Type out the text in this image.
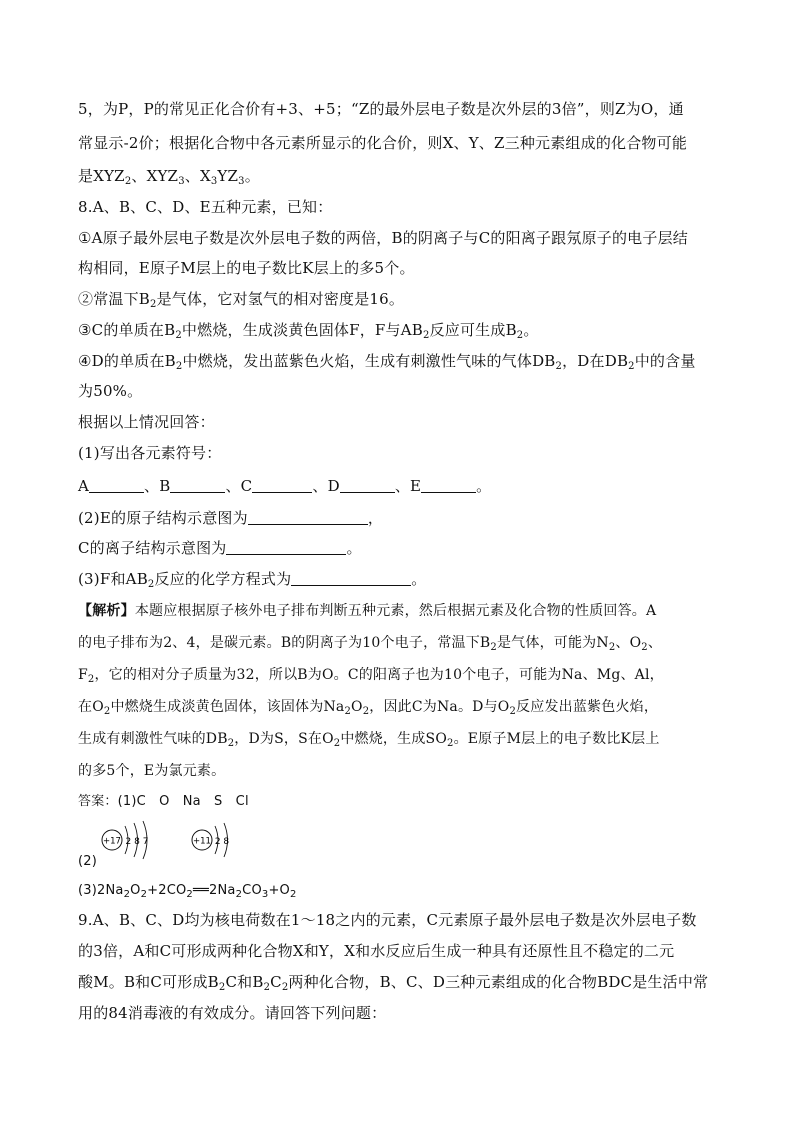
5，为P，P的常见正化合价有+3、+5；“Z的最外层电子数是次外层的3倍”，则Z为O，通
常显示-2价；根据化合物中各元素所显示的化合价，则X、Y、Z三种元素组成的化合物可能
是$XYZ_2$、$XYZ_3$、$X_3YZ_3$。
8.A、B、C、D、E五种元素，已知：
①A原子最外层电子数是次外层电子数的两倍，B的阴离子与C的阳离子跟氖原子的电子层结
构相同，E原子M层上的电子数比K层上的多5个。
②常温下$B_2$是气体，它对氢气的相对密度是16。
③C的单质在$B_2$中燃烧，生成淡黄色固体F，F与$AB_2$反应可生成$B_2$。
④D的单质在$B_2$中燃烧，发出蓝紫色火焰，生成有刺激性气味的气体$DB_2$，D在$DB_2$中的含量
为50%。
根据以上情况回答：
(1)写出各元素符号：
A	、B	、C	、D	、E	。
(2)E的原子结构示意图为	，
C的离子结构示意图为	。
(3)F和$AB_2$反应的化学方程式为	。
【解析】本题应根据原子核外电子排布判断五种元素，然后根据元素及化合物的性质回答。A
的电子排布为2、4，是碳元素。B的阴离子为10个电子，常温下$B_2$是气体，可能为$N_2$、$O_2$、
$F_2$，它的相对分子质量为32，所以B为O。C的阳离子也为10个电子，可能为Na、Mg、Al，
在$O_2$中燃烧生成淡黄色固体，该固体为$Na_2O_2$，因此C为Na。D与$O_2$反应发出蓝紫色火焰，
生成有刺激性气味的$DB_2$，D为S，S在$O_2$中燃烧，生成$SO_2$。E原子M层上的电子数比K层上
的多5个，E为氯元素。
答案：(1)C　O　Na　S　Cl
+17 2 8 7	+11 2 8
(2)
$(3)2Na_2O_2+2CO_2══2Na_2CO_3+O_2$
9.A、B、C、D均为核电荷数在1～18之内的元素，C元素原子最外层电子数是次外层电子数
的3倍，A和C可形成两种化合物X和Y，X和水反应后生成一种具有还原性且不稳定的二元
酸M。B和C可形成$B_2C$和$B_2C_2$两种化合物，B、C、D三种元素组成的化合物BDC是生活中常
用的84消毒液的有效成分。请回答下列问题：
